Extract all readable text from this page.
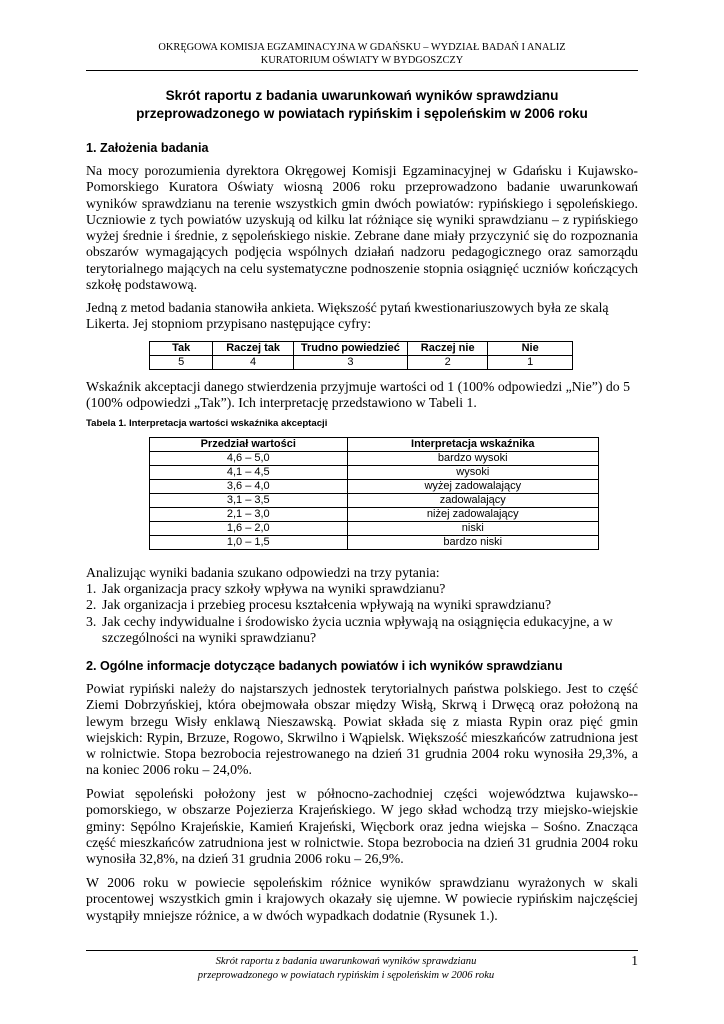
OKRĘGOWA KOMISJA EGZAMINACYJNA W GDAŃSKU – WYDZIAŁ BADAŃ I ANALIZ
KURATORIUM OŚWIATY W BYDGOSZCZY
Skrót raportu z badania uwarunkowań wyników sprawdzianu
przeprowadzonego w powiatach rypińskim i sępoleńskim w 2006 roku
1. Założenia badania
Na mocy porozumienia dyrektora Okręgowej Komisji Egzaminacyjnej w Gdańsku i Kujawsko-Pomorskiego Kuratora Oświaty wiosną 2006 roku przeprowadzono badanie uwarunkowań wyników sprawdzianu na terenie wszystkich gmin dwóch powiatów: rypińskiego i sępoleńskiego. Uczniowie z tych powiatów uzyskują od kilku lat różniące się wyniki sprawdzianu – z rypińskiego wyżej średnie i średnie, z sępoleńskiego niskie. Zebrane dane miały przyczynić się do rozpoznania obszarów wymagających podjęcia wspólnych działań nadzoru pedagogicznego oraz samorządu terytorialnego mających na celu systematyczne podnoszenie stopnia osiągnięć uczniów kończących szkołę podstawową.
Jedną z metod badania stanowiła ankieta. Większość pytań kwestionariuszowych była ze skalą Likerta. Jej stopniom przypisano następujące cyfry:
Tak	Raczej tak	Trudno powiedzieć	Raczej nie	Nie
5	4	3	2	1
Wskaźnik akceptacji danego stwierdzenia przyjmuje wartości od 1 (100% odpowiedzi „Nie”) do 5 (100% odpowiedzi „Tak”). Ich interpretację przedstawiono w Tabeli 1.
Tabela 1. Interpretacja wartości wskaźnika akceptacji
Przedział wartości	Interpretacja wskaźnika
4,6 – 5,0	bardzo wysoki
4,1 – 4,5	wysoki
3,6 – 4,0	wyżej zadowalający
3,1 – 3,5	zadowalający
2,1 – 3,0	niżej zadowalający
1,6 – 2,0	niski
1,0 – 1,5	bardzo niski
Analizując wyniki badania szukano odpowiedzi na trzy pytania:
1. Jak organizacja pracy szkoły wpływa na wyniki sprawdzianu?
2. Jak organizacja i przebieg procesu kształcenia wpływają na wyniki sprawdzianu?
3. Jak cechy indywidualne i środowisko życia ucznia wpływają na osiągnięcia edukacyjne, a w szczególności na wyniki sprawdzianu?
2. Ogólne informacje dotyczące badanych powiatów i ich wyników sprawdzianu
Powiat rypiński należy do najstarszych jednostek terytorialnych państwa polskiego. Jest to część Ziemi Dobrzyńskiej, która obejmowała obszar między Wisłą, Skrwą i Drwęcą oraz położoną na lewym brzegu Wisły enklawą Nieszawską. Powiat składa się z miasta Rypin oraz pięć gmin wiejskich: Rypin, Brzuze, Rogowo, Skrwilno i Wąpielsk. Większość mieszkańców zatrudniona jest w rolnictwie. Stopa bezrobocia rejestrowanego na dzień 31 grudnia 2004 roku wynosiła 29,3%, a na koniec 2006 roku – 24,0%.
Powiat sępoleński położony jest w północno-zachodniej części województwa kujawsko--pomorskiego, w obszarze Pojezierza Krajeńskiego. W jego skład wchodzą trzy miejsko-wiejskie gminy: Sępólno Krajeńskie, Kamień Krajeński, Więcbork oraz jedna wiejska – Sośno. Znacząca część mieszkańców zatrudniona jest w rolnictwie. Stopa bezrobocia na dzień 31 grudnia 2004 roku wynosiła 32,8%, na dzień 31 grudnia 2006 roku – 26,9%.
W 2006 roku w powiecie sępoleńskim różnice wyników sprawdzianu wyrażonych w skali procentowej wszystkich gmin i krajowych okazały się ujemne. W powiecie rypińskim najczęściej wystąpiły mniejsze różnice, a w dwóch wypadkach dodatnie (Rysunek 1.).
Skrót raportu z badania uwarunkowań wyników sprawdzianu
przeprowadzonego w powiatach rypińskim i sępoleńskim w 2006 roku
1
